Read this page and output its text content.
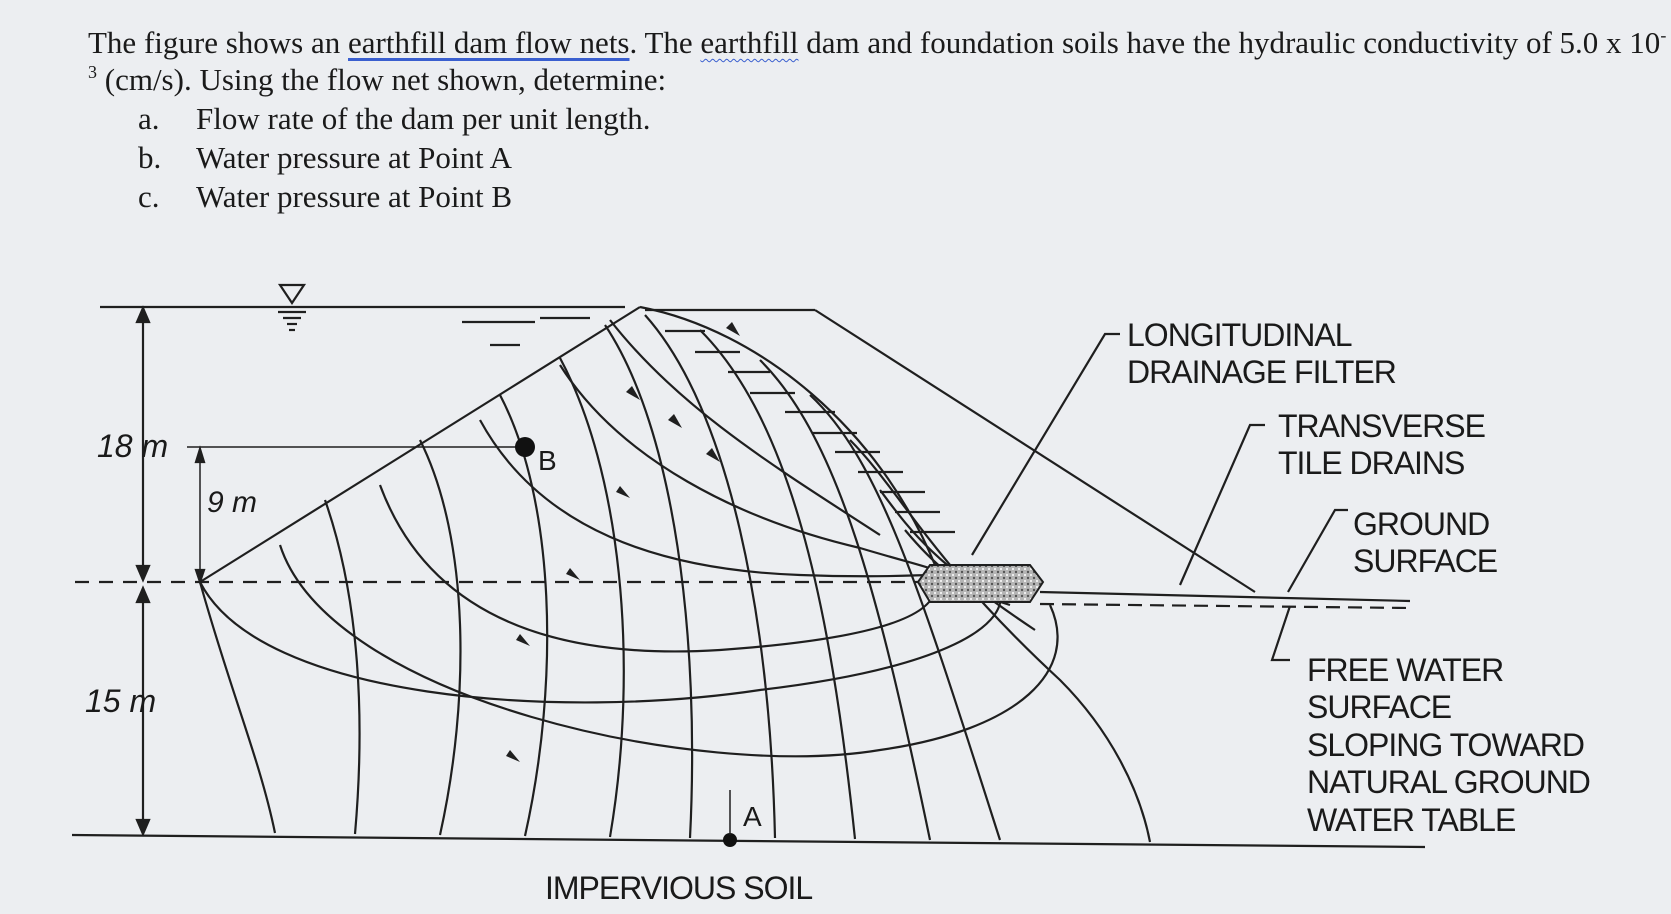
The figure shows an earthfill dam flow nets. The earthfill dam and foundation soils have the hydraulic conductivity of 5.0 x $10^{-3}$ (cm/s). Using the flow net shown, determine:

a.	Flow rate of the dam per unit length.
b.	Water pressure at Point A
c.	Water pressure at Point B
18 m
9 m
15 m
B
A
IMPERVIOUS SOIL
LONGITUDINAL DRAINAGE FILTER
TRANSVERSE TILE DRAINS
GROUND SURFACE
FREE WATER SURFACE SLOPING TOWARD NATURAL GROUND WATER TABLE
